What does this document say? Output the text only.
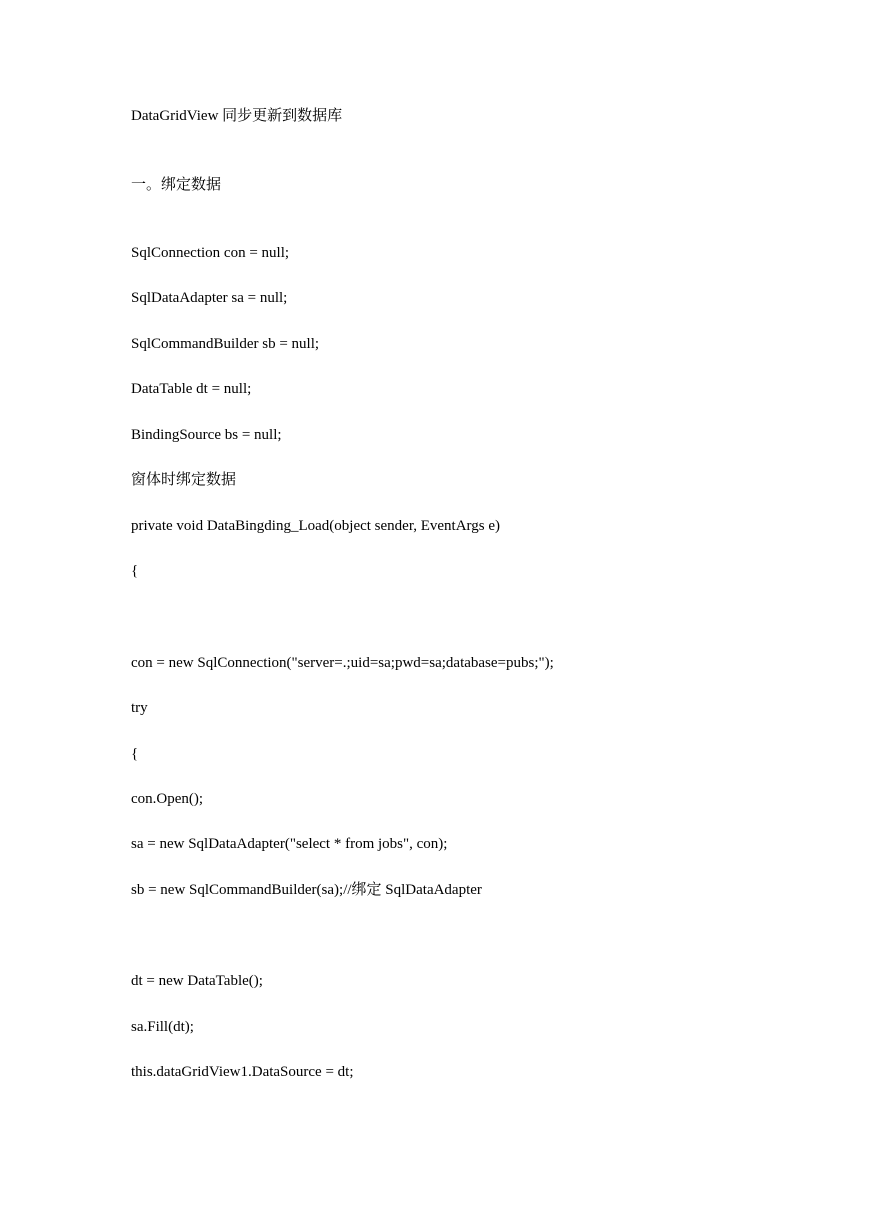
DataGridView 同步更新到数据库
一。绑定数据
SqlConnection con = null;
SqlDataAdapter sa = null;
SqlCommandBuilder sb = null;
DataTable dt = null;
BindingSource bs = null;
窗体时绑定数据
private void DataBingding_Load(object sender, EventArgs e)
{
con = new SqlConnection("server=.;uid=sa;pwd=sa;database=pubs;");
try
{
con.Open();
sa = new SqlDataAdapter("select * from jobs", con);
sb = new SqlCommandBuilder(sa);//绑定 SqlDataAdapter
dt = new DataTable();
sa.Fill(dt);
this.dataGridView1.DataSource = dt;
